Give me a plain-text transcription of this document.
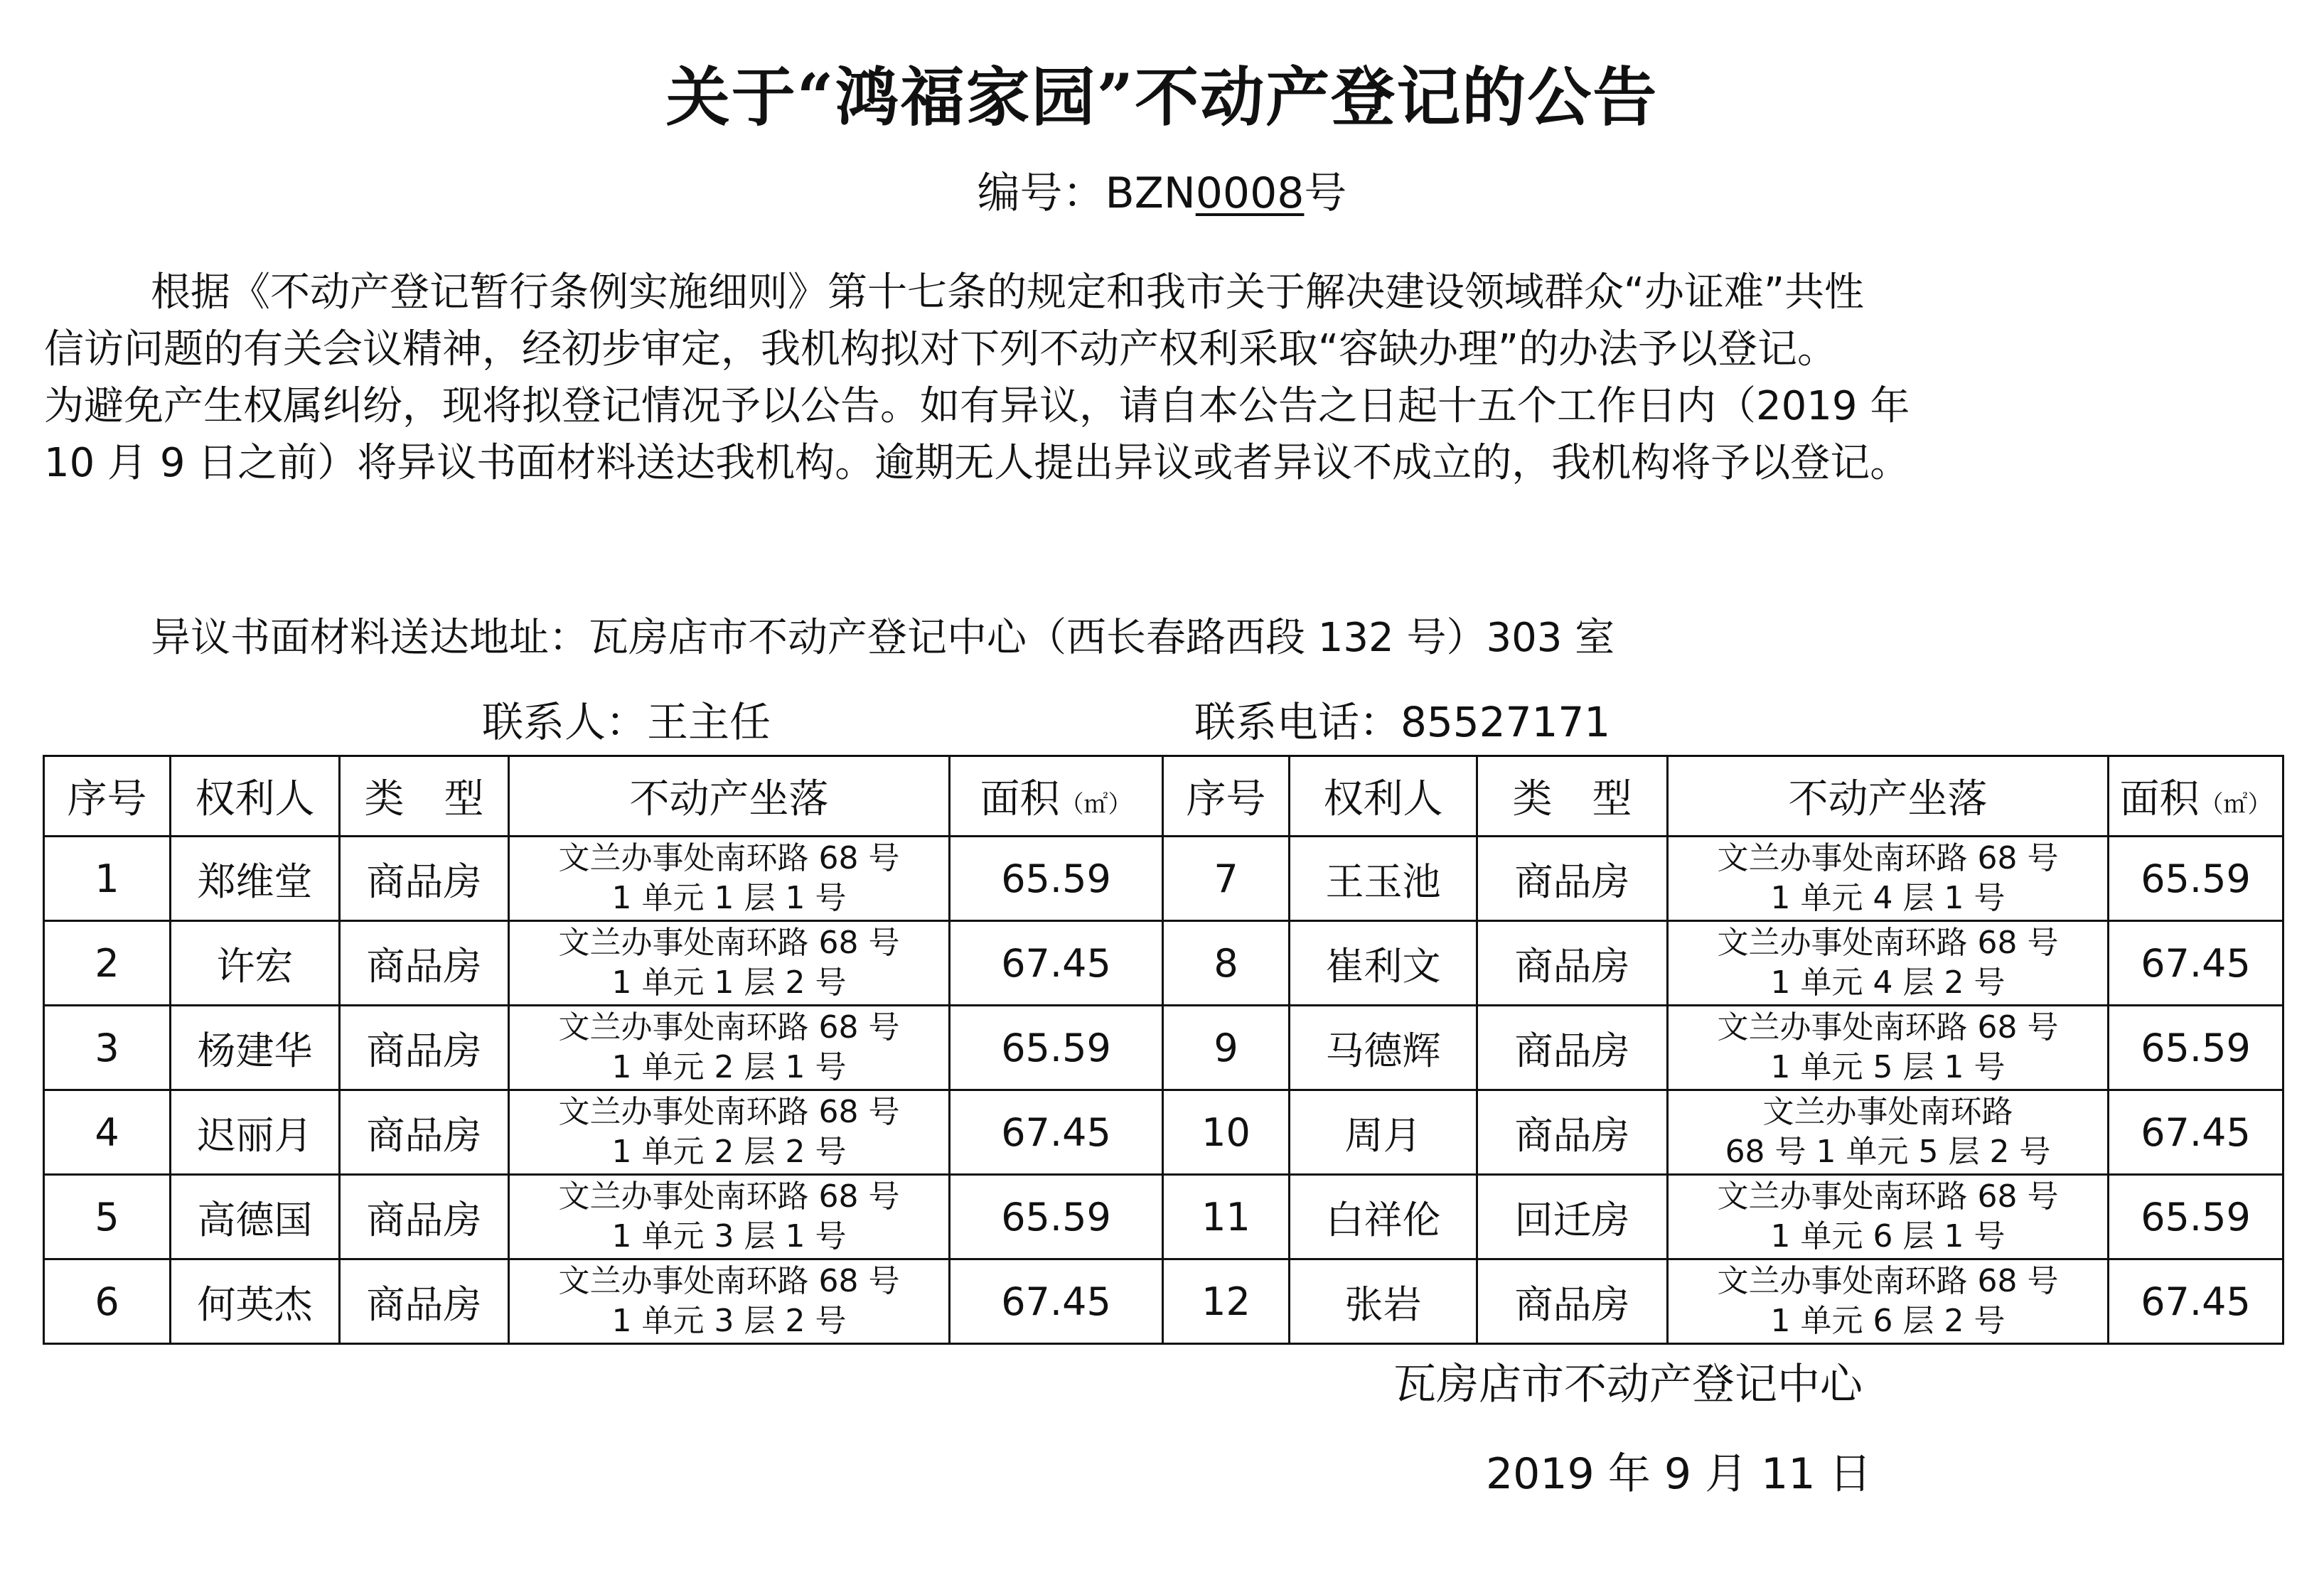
关于“鸿福家园”不动产登记的公告
编号：BZN0008号
根据《不动产登记暂行条例实施细则》第十七条的规定和我市关于解决建设领域群众“办证难”共性
信访问题的有关会议精神，经初步审定，我机构拟对下列不动产权利采取“容缺办理”的办法予以登记。
为避免产生权属纠纷，现将拟登记情况予以公告。如有异议，请自本公告之日起十五个工作日内（2019 年
10 月 9 日之前）将异议书面材料送达我机构。逾期无人提出异议或者异议不成立的，我机构将予以登记。
异议书面材料送达地址：瓦房店市不动产登记中心（西长春路西段 132 号）303 室
联系人：王主任	联系电话：85527171
序号	权利人	类　型	不动产坐落	面积（㎡）	序号	权利人	类　型	不动产坐落	面积（㎡）
1	郑维堂	商品房	文兰办事处南环路 68 号
1 单元 1 层 1 号	65.59	7	王玉池	商品房	文兰办事处南环路 68 号
1 单元 4 层 1 号	65.59
2	许宏	商品房	文兰办事处南环路 68 号
1 单元 1 层 2 号	67.45	8	崔利文	商品房	文兰办事处南环路 68 号
1 单元 4 层 2 号	67.45
3	杨建华	商品房	文兰办事处南环路 68 号
1 单元 2 层 1 号	65.59	9	马德辉	商品房	文兰办事处南环路 68 号
1 单元 5 层 1 号	65.59
4	迟丽月	商品房	文兰办事处南环路 68 号
1 单元 2 层 2 号	67.45	10	周月	商品房	文兰办事处南环路
68 号 1 单元 5 层 2 号	67.45
5	高德国	商品房	文兰办事处南环路 68 号
1 单元 3 层 1 号	65.59	11	白祥伦	回迁房	文兰办事处南环路 68 号
1 单元 6 层 1 号	65.59
6	何英杰	商品房	文兰办事处南环路 68 号
1 单元 3 层 2 号	67.45	12	张岩	商品房	文兰办事处南环路 68 号
1 单元 6 层 2 号	67.45
瓦房店市不动产登记中心
2019 年 9 月 11 日
